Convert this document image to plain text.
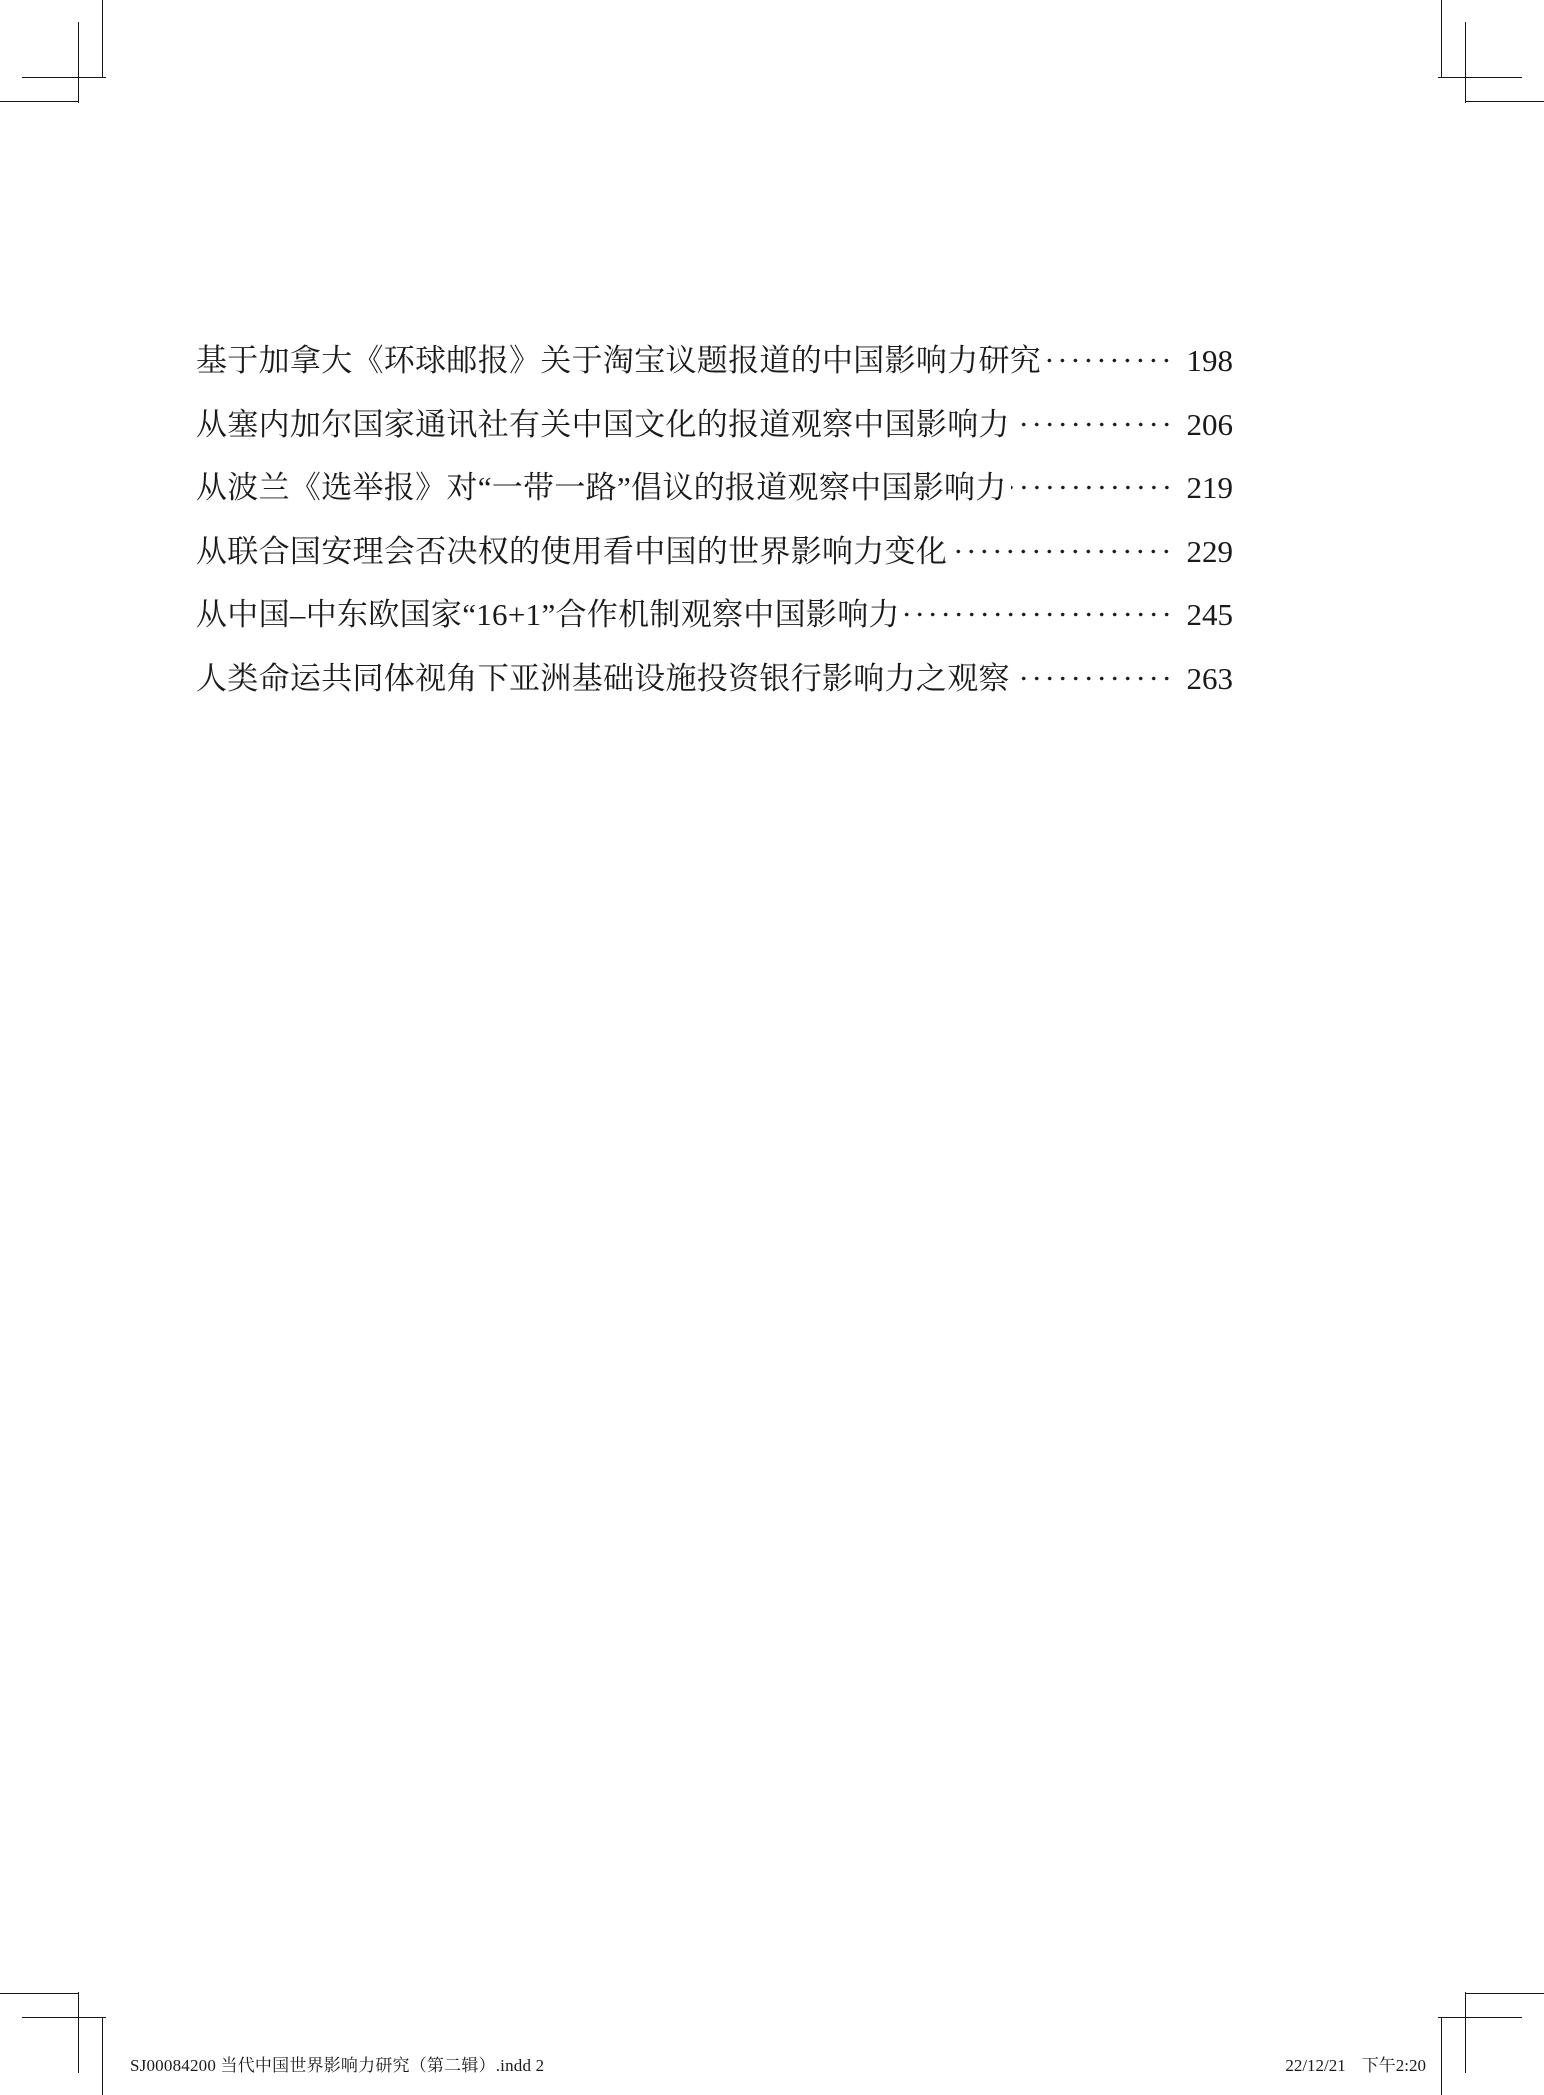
基于加拿大《环球邮报》关于淘宝议题报道的中国影响力研究	198
从塞内加尔国家通讯社有关中国文化的报道观察中国影响力	206
从波兰《选举报》对“一带一路”倡议的报道观察中国影响力	219
从联合国安理会否决权的使用看中国的世界影响力变化	229
从中国–中东欧国家“16+1”合作机制观察中国影响力	245
人类命运共同体视角下亚洲基础设施投资银行影响力之观察	263
SJ00084200 当代中国世界影响力研究（第二辑）.indd 2	22/12/21 下午2:20
